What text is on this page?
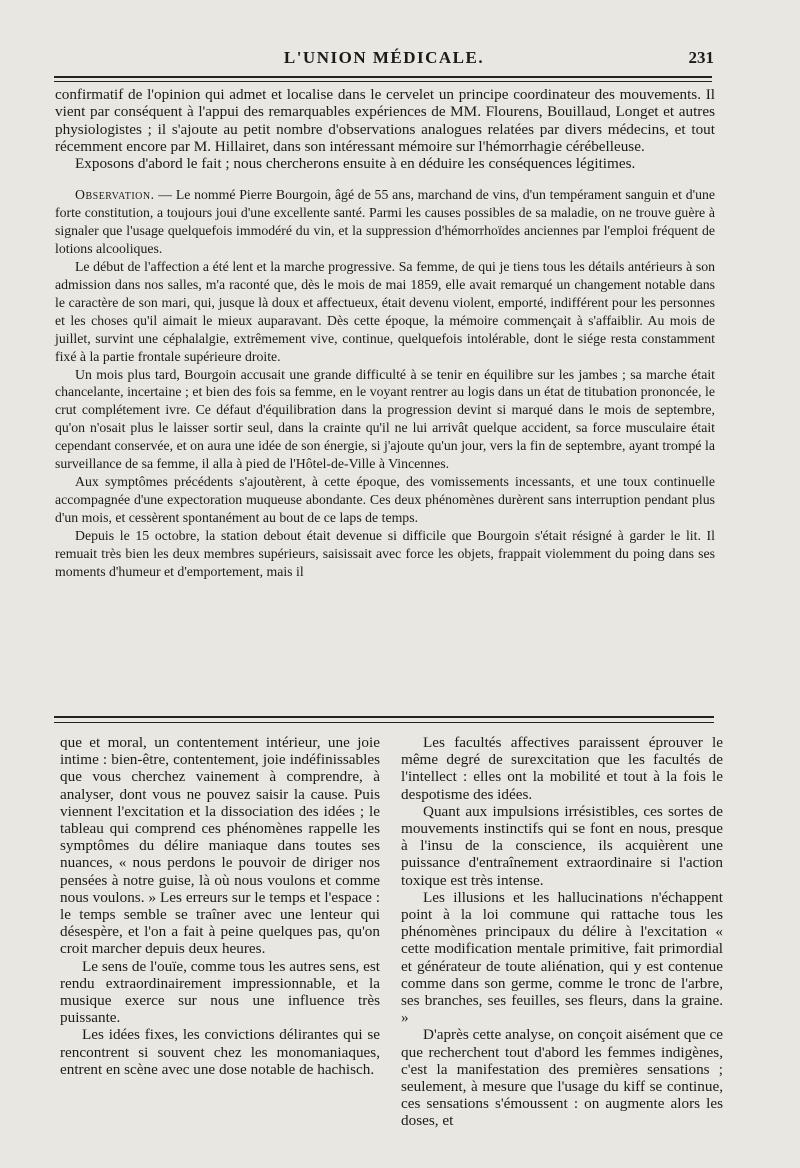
L'UNION MÉDICALE.	231

confirmatif de l'opinion qui admet et localise dans le cervelet un principe coordinateur des mouvements. Il vient par conséquent à l'appui des remarquables expériences de MM. Flourens, Bouillaud, Longet et autres physiologistes ; il s'ajoute au petit nombre d'observations analogues relatées par divers médecins, et tout récemment encore par M. Hillairet, dans son intéressant mémoire sur l'hémorrhagie cérébelleuse.

Exposons d'abord le fait ; nous chercherons ensuite à en déduire les conséquences légitimes.

Observation. — Le nommé Pierre Bourgoin, âgé de 55 ans, marchand de vins, d'un tempérament sanguin et d'une forte constitution, a toujours joui d'une excellente santé. Parmi les causes possibles de sa maladie, on ne trouve guère à signaler que l'usage quelquefois immodéré du vin, et la suppression d'hémorrhoïdes anciennes par l'emploi fréquent de lotions alcooliques.

Le début de l'affection a été lent et la marche progressive. Sa femme, de qui je tiens tous les détails antérieurs à son admission dans nos salles, m'a raconté que, dès le mois de mai 1859, elle avait remarqué un changement notable dans le caractère de son mari, qui, jusque là doux et affectueux, était devenu violent, emporté, indifférent pour les personnes et les choses qu'il aimait le mieux auparavant. Dès cette époque, la mémoire commençait à s'affaiblir. Au mois de juillet, survint une céphalalgie, extrêmement vive, continue, quelquefois intolérable, dont le siége resta constamment fixé à la partie frontale supérieure droite.

Un mois plus tard, Bourgoin accusait une grande difficulté à se tenir en équilibre sur les jambes ; sa marche était chancelante, incertaine ; et bien des fois sa femme, en le voyant rentrer au logis dans un état de titubation prononcée, le crut complétement ivre. Ce défaut d'équilibration dans la progression devint si marqué dans le mois de septembre, qu'on n'osait plus le laisser sortir seul, dans la crainte qu'il ne lui arrivât quelque accident, sa force musculaire était cependant conservée, et on aura une idée de son énergie, si j'ajoute qu'un jour, vers la fin de septembre, ayant trompé la surveillance de sa femme, il alla à pied de l'Hôtel-de-Ville à Vincennes.

Aux symptômes précédents s'ajoutèrent, à cette époque, des vomissements incessants, et une toux continuelle accompagnée d'une expectoration muqueuse abondante. Ces deux phénomènes durèrent sans interruption pendant plus d'un mois, et cessèrent spontanément au bout de ce laps de temps.

Depuis le 15 octobre, la station debout était devenue si difficile que Bourgoin s'était résigné à garder le lit. Il remuait très bien les deux membres supérieurs, saisissait avec force les objets, frappait violemment du poing dans ses moments d'humeur et d'emportement, mais il

que et moral, un contentement intérieur, une joie intime : bien-être, contentement, joie indéfinissables que vous cherchez vainement à comprendre, à analyser, dont vous ne pouvez saisir la cause. Puis viennent l'excitation et la dissociation des idées ; le tableau qui comprend ces phénomènes rappelle les symptômes du délire maniaque dans toutes ses nuances, « nous perdons le pouvoir de diriger nos pensées à notre guise, là où nous voulons et comme nous voulons. » Les erreurs sur le temps et l'espace : le temps semble se traîner avec une lenteur qui désespère, et l'on a fait à peine quelques pas, qu'on croit marcher depuis deux heures.

Le sens de l'ouïe, comme tous les autres sens, est rendu extraordinairement impressionnable, et la musique exerce sur nous une influence très puissante.

Les idées fixes, les convictions délirantes qui se rencontrent si souvent chez les monomaniaques, entrent en scène avec une dose notable de hachisch.

Les facultés affectives paraissent éprouver le même degré de surexcitation que les facultés de l'intellect : elles ont la mobilité et tout à la fois le despotisme des idées.

Quant aux impulsions irrésistibles, ces sortes de mouvements instinctifs qui se font en nous, presque à l'insu de la conscience, ils acquièrent une puissance d'entraînement extraordinaire si l'action toxique est très intense.

Les illusions et les hallucinations n'échappent point à la loi commune qui rattache tous les phénomènes principaux du délire à l'excitation « cette modification mentale primitive, fait primordial et générateur de toute aliénation, qui y est contenue comme dans son germe, comme le tronc de l'arbre, ses branches, ses feuilles, ses fleurs, dans la graine. »

D'après cette analyse, on conçoit aisément que ce que recherchent tout d'abord les femmes indigènes, c'est la manifestation des premières sensations ; seulement, à mesure que l'usage du kiff se continue, ces sensations s'émoussent : on augmente alors les doses, et
